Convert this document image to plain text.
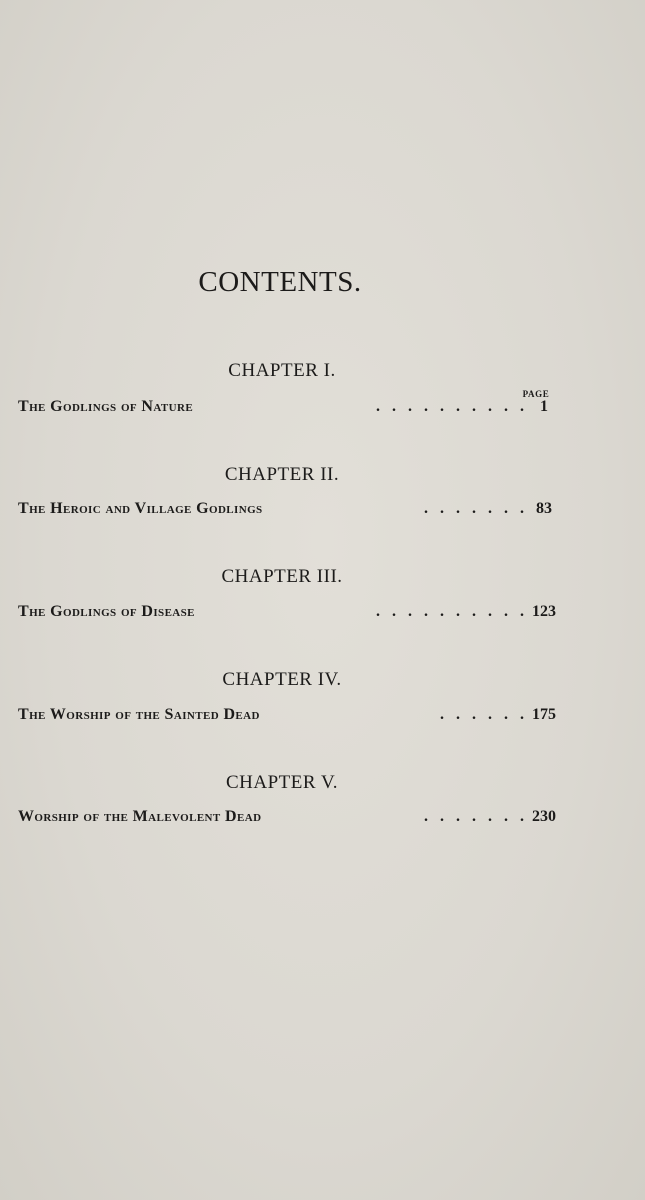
CONTENTS.
PAGE
CHAPTER I.
The Godlings of Nature	.   .   .   .   .   .   .   .   .   .	1
CHAPTER II.
The Heroic and Village Godlings	.   .   .   .   .   .   . 83
CHAPTER III.
The Godlings of Disease	.   .   .   .   .   .   .   .   .   . 123
CHAPTER IV.
The Worship of the Sainted Dead	.   .   .   .   .   . 175
CHAPTER V.
Worship of the Malevolent Dead	.   .   .   .   .   .   . 230
